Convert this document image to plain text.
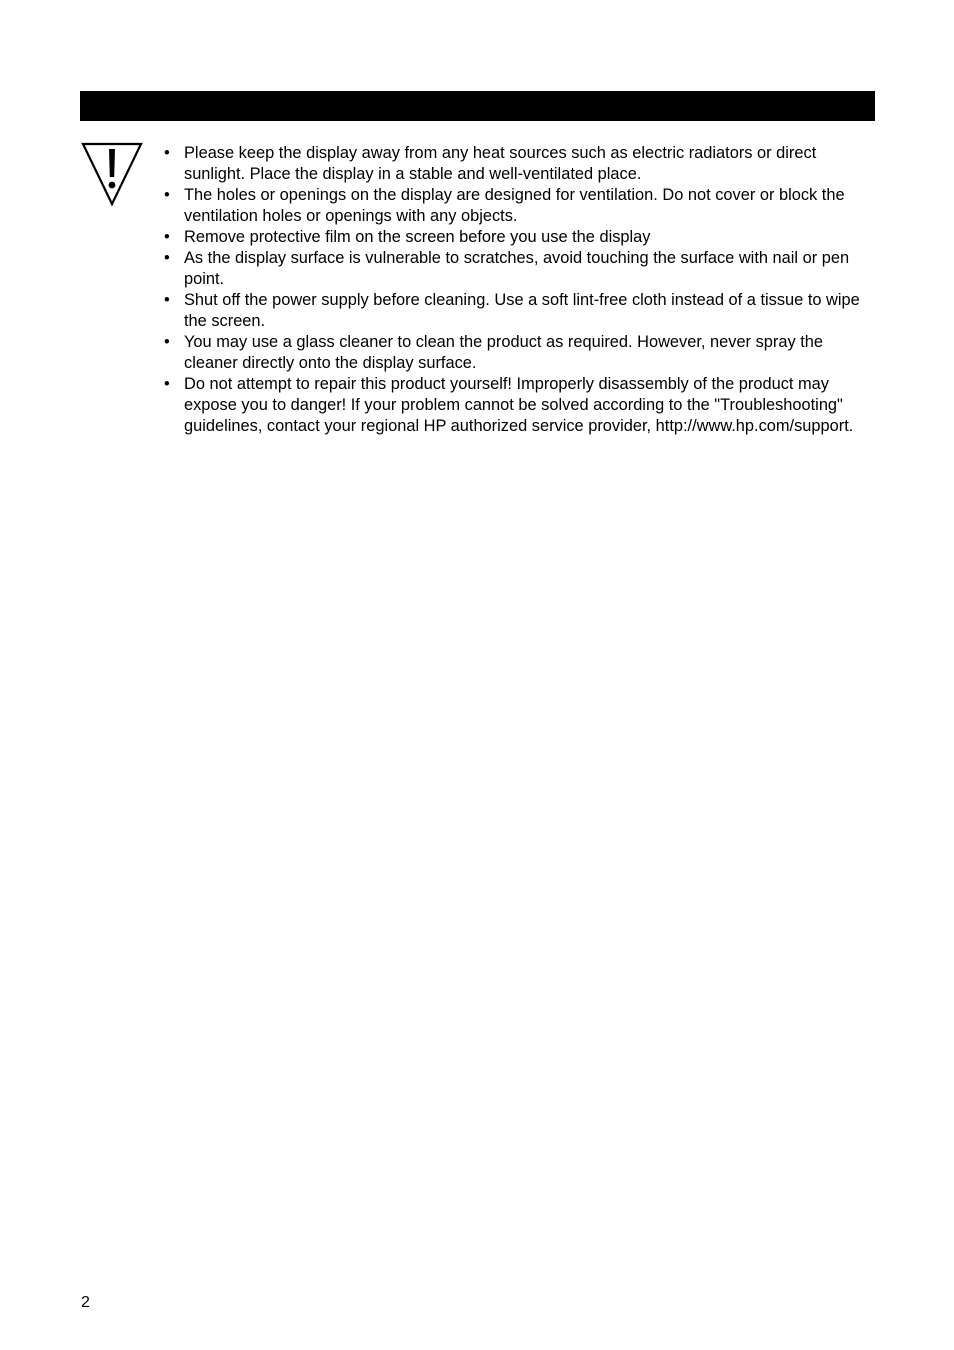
• Please keep the display away from any heat sources such as electric radiators or direct sunlight. Place the display in a stable and well-ventilated place.
• The holes or openings on the display are designed for ventilation. Do not cover or block the ventilation holes or openings with any objects.
• Remove protective film on the screen before you use the display
• As the display surface is vulnerable to scratches, avoid touching the surface with nail or pen point.
• Shut off the power supply before cleaning. Use a soft lint-free cloth instead of a tissue to wipe the screen.
• You may use a glass cleaner to clean the product as required. However, never spray the cleaner directly onto the display surface.
• Do not attempt to repair this product yourself! Improperly disassembly of the product may expose you to danger! If your problem cannot be solved according to the "Troubleshooting" guidelines, contact your regional HP authorized service provider, http://www.hp.com/support.
2
